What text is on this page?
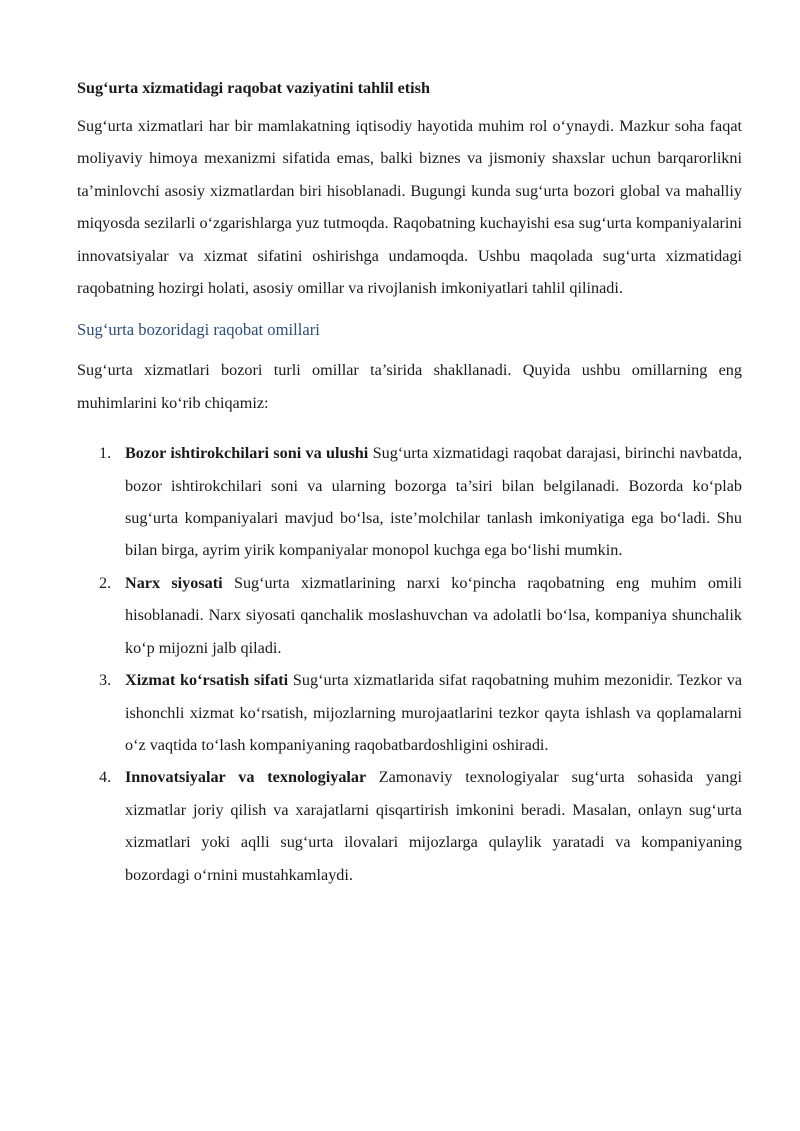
Sug‘urta xizmatidagi raqobat vaziyatini tahlil etish

Sug‘urta xizmatlari har bir mamlakatning iqtisodiy hayotida muhim rol o‘ynaydi. Mazkur soha faqat moliyaviy himoya mexanizmi sifatida emas, balki biznes va jismoniy shaxslar uchun barqarorlikni ta’minlovchi asosiy xizmatlardan biri hisoblanadi. Bugungi kunda sug‘urta bozori global va mahalliy miqyosda sezilarli o‘zgarishlarga yuz tutmoqda. Raqobatning kuchayishi esa sug‘urta kompaniyalarini innovatsiyalar va xizmat sifatini oshirishga undamoqda. Ushbu maqolada sug‘urta xizmatidagi raqobatning hozirgi holati, asosiy omillar va rivojlanish imkoniyatlari tahlil qilinadi.

Sug‘urta bozoridagi raqobat omillari

Sug‘urta xizmatlari bozori turli omillar ta’sirida shakllanadi. Quyida ushbu omillarning eng muhimlarini ko‘rib chiqamiz:

1. Bozor ishtirokchilari soni va ulushi Sug‘urta xizmatidagi raqobat darajasi, birinchi navbatda, bozor ishtirokchilari soni va ularning bozorga ta’siri bilan belgilanadi. Bozorda ko‘plab sug‘urta kompaniyalari mavjud bo‘lsa, iste’molchilar tanlash imkoniyatiga ega bo‘ladi. Shu bilan birga, ayrim yirik kompaniyalar monopol kuchga ega bo‘lishi mumkin.
2. Narx siyosati Sug‘urta xizmatlarining narxi ko‘pincha raqobatning eng muhim omili hisoblanadi. Narx siyosati qanchalik moslashuvchan va adolatli bo‘lsa, kompaniya shunchalik ko‘p mijozni jalb qiladi.
3. Xizmat ko‘rsatish sifati Sug‘urta xizmatlarida sifat raqobatning muhim mezonidir. Tezkor va ishonchli xizmat ko‘rsatish, mijozlarning murojaatlarini tezkor qayta ishlash va qoplamalarni o‘z vaqtida to‘lash kompaniyaning raqobatbardoshligini oshiradi.
4. Innovatsiyalar va texnologiyalar Zamonaviy texnologiyalar sug‘urta sohasida yangi xizmatlar joriy qilish va xarajatlarni qisqartirish imkonini beradi. Masalan, onlayn sug‘urta xizmatlari yoki aqlli sug‘urta ilovalari mijozlarga qulaylik yaratadi va kompaniyaning bozordagi o‘rnini mustahkamlaydi.
